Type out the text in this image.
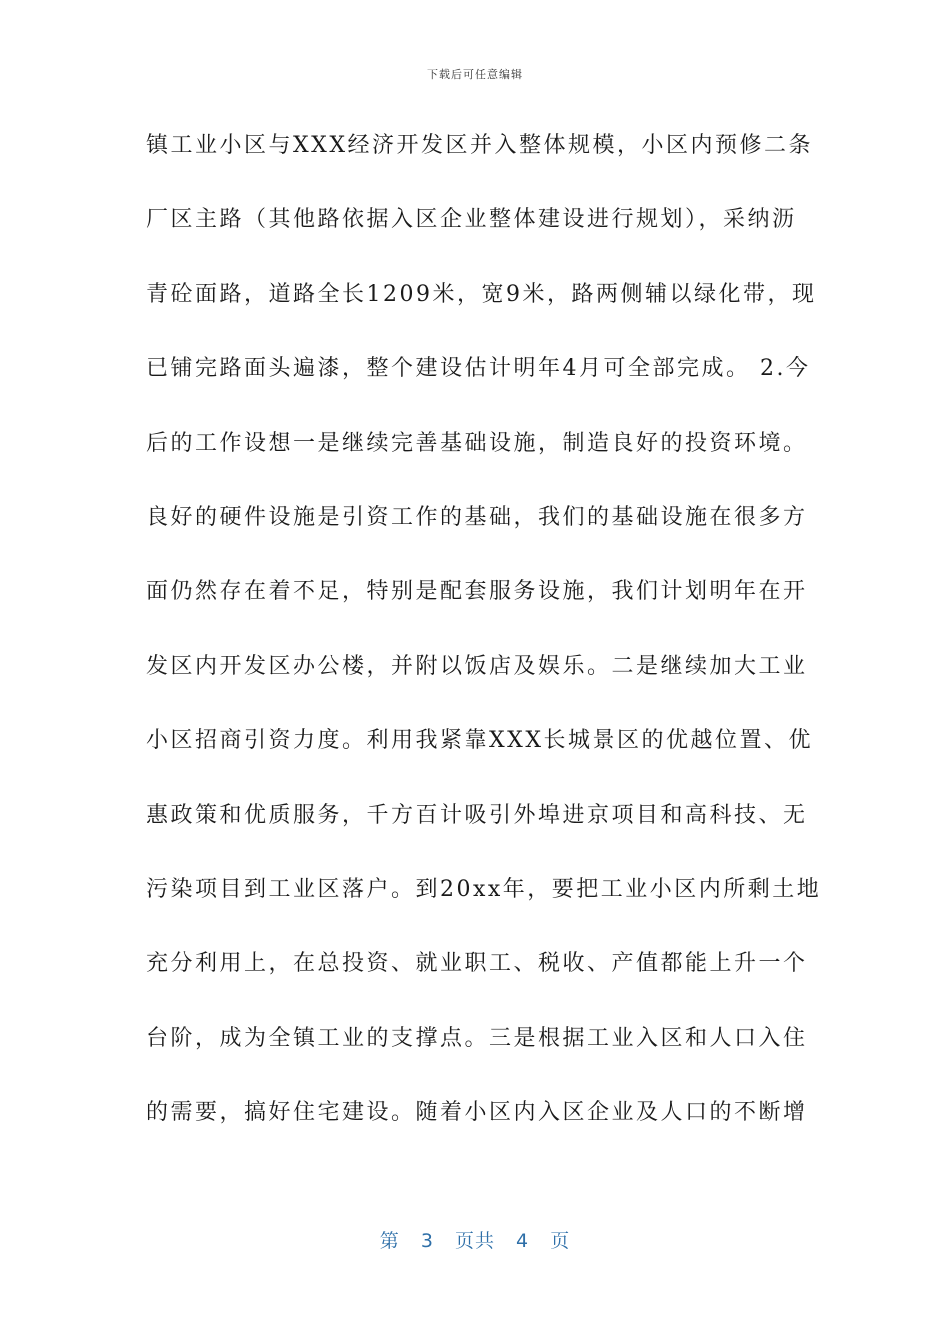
下载后可任意编辑
镇工业小区与XXX经济开发区并入整体规模，小区内预修二条
厂区主路（其他路依据入区企业整体建设进行规划），采纳沥
青砼面路，道路全长1209米，宽9米，路两侧辅以绿化带，现
已铺完路面头遍漆，整个建设估计明年4月可全部完成。 2.今
后的工作设想一是继续完善基础设施，制造良好的投资环境。
良好的硬件设施是引资工作的基础，我们的基础设施在很多方
面仍然存在着不足，特别是配套服务设施，我们计划明年在开
发区内开发区办公楼，并附以饭店及娱乐。二是继续加大工业
小区招商引资力度。利用我紧靠XXX长城景区的优越位置、优
惠政策和优质服务，千方百计吸引外埠进京项目和高科技、无
污染项目到工业区落户。到20xx年，要把工业小区内所剩土地
充分利用上，在总投资、就业职工、税收、产值都能上升一个
台阶，成为全镇工业的支撑点。三是根据工业入区和人口入住
的需要，搞好住宅建设。随着小区内入区企业及人口的不断增
第 3 页共 4 页
